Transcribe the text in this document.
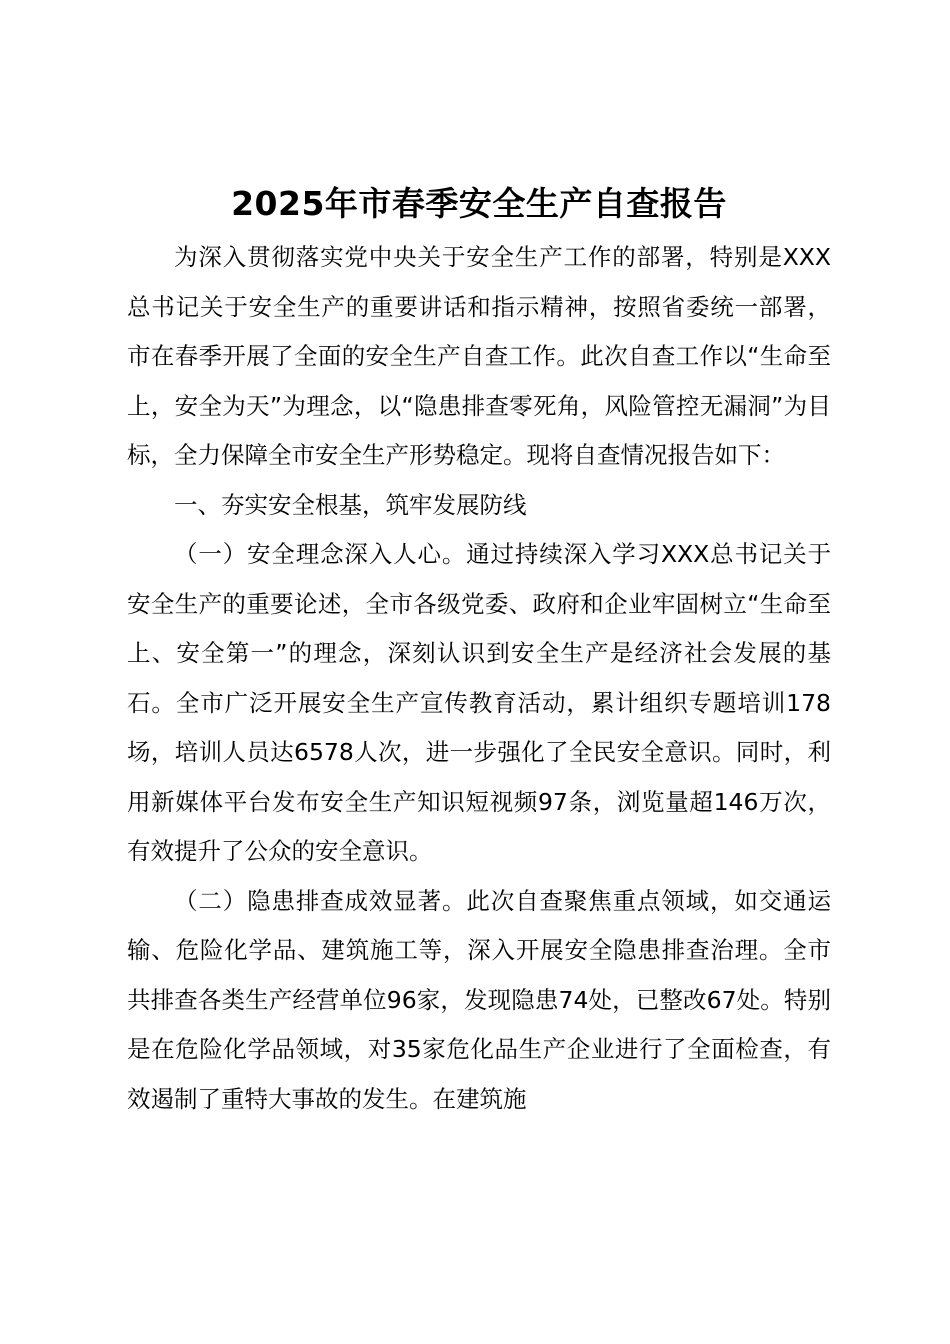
2025年市春季安全生产自查报告

为深入贯彻落实党中央关于安全生产工作的部署，特别是XXX总书记关于安全生产的重要讲话和指示精神，按照省委统一部署，市在春季开展了全面的安全生产自查工作。此次自查工作以“生命至上，安全为天”为理念，以“隐患排查零死角，风险管控无漏洞”为目标，全力保障全市安全生产形势稳定。现将自查情况报告如下：

一、夯实安全根基，筑牢发展防线

（一）安全理念深入人心。通过持续深入学习XXX总书记关于安全生产的重要论述，全市各级党委、政府和企业牢固树立“生命至上、安全第一”的理念，深刻认识到安全生产是经济社会发展的基石。全市广泛开展安全生产宣传教育活动，累计组织专题培训178场，培训人员达6578人次，进一步强化了全民安全意识。同时，利用新媒体平台发布安全生产知识短视频97条，浏览量超146万次，有效提升了公众的安全意识。

（二）隐患排查成效显著。此次自查聚焦重点领域，如交通运输、危险化学品、建筑施工等，深入开展安全隐患排查治理。全市共排查各类生产经营单位96家，发现隐患74处，已整改67处。特别是在危险化学品领域，对35家危化品生产企业进行了全面检查，有效遏制了重特大事故的发生。在建筑施
